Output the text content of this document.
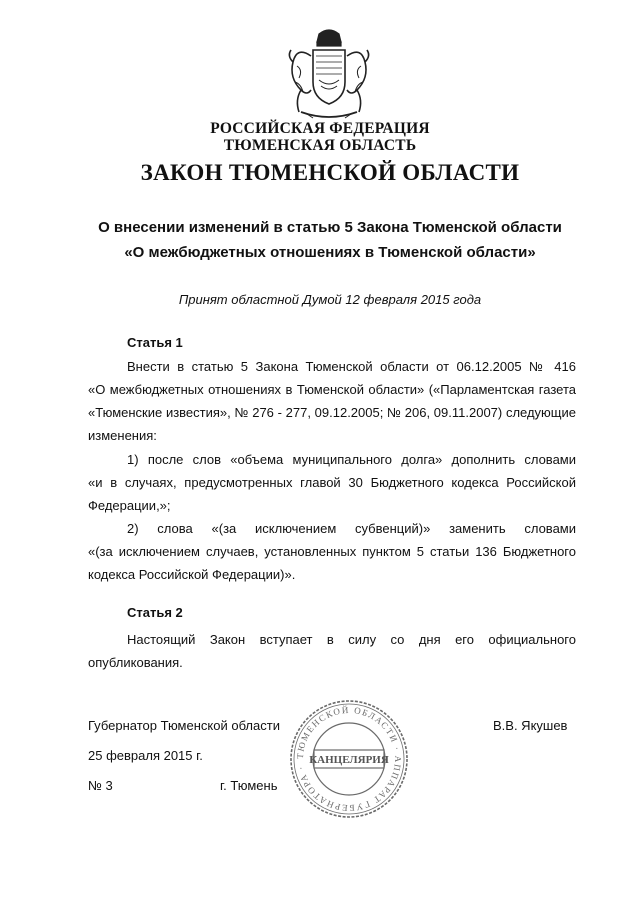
РОССИЙСКАЯ ФЕДЕРАЦИЯ
ТЮМЕНСКАЯ ОБЛАСТЬ
ЗАКОН ТЮМЕНСКОЙ ОБЛАСТИ
О внесении изменений в статью 5 Закона Тюменской области
«О межбюджетных отношениях в Тюменской области»
Принят областной Думой 12 февраля 2015 года
Статья 1
Внести в статью 5 Закона Тюменской области от 06.12.2005 № 416
«О межбюджетных отношениях в Тюменской области» («Парламентская газета
«Тюменские известия», № 276 - 277, 09.12.2005; № 206, 09.11.2007) следующие
изменения:
1) после слов «объема муниципального долга» дополнить словами
«и в случаях, предусмотренных главой 30 Бюджетного кодекса Российской
Федерации,»;
2) слова «(за исключением субвенций)» заменить словами
«(за исключением случаев, установленных пунктом 5 статьи 136 Бюджетного
кодекса Российской Федерации)».
Статья 2
Настоящий Закон вступает в силу со дня его официального
опубликования.
ТЮМЕНСКОЙ ОБЛАСТИ · АППАРАТ ГУБЕРНАТОРА ·
КАНЦЕЛЯРИЯ
Губернатор Тюменской области	В.В. Якушев
25 февраля 2015 г.
№ 3	г. Тюмень
